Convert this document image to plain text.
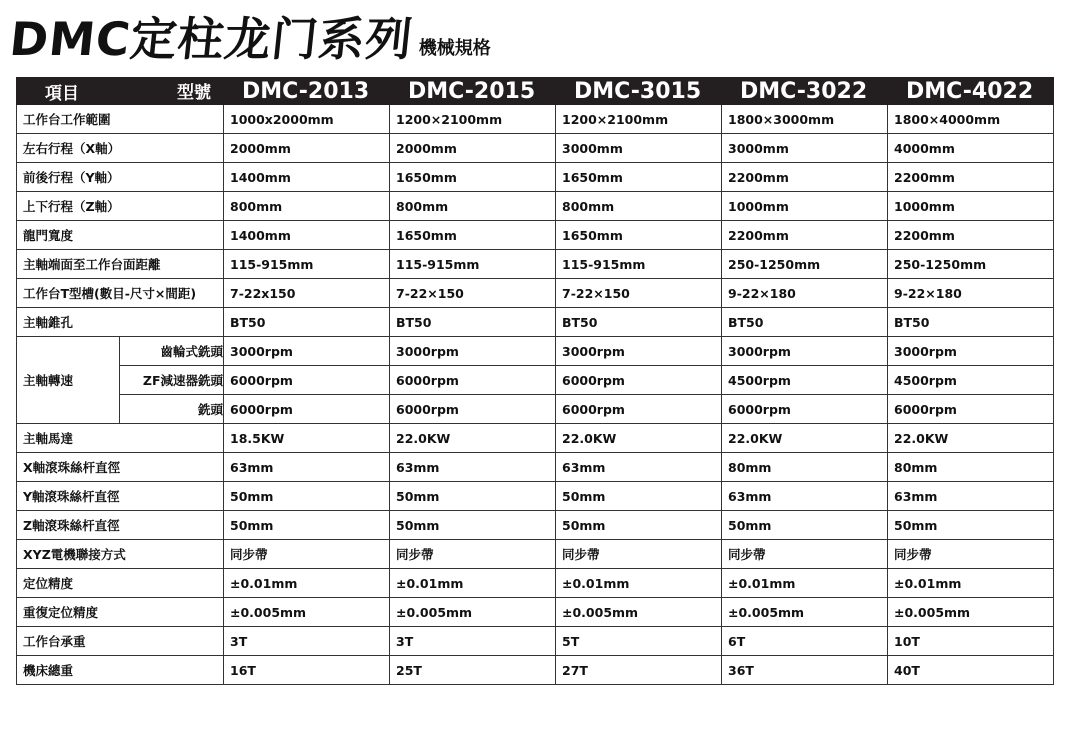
DMC定柱龙门系列 機械規格
項目 型號		DMC-2013	DMC-2015	DMC-3015	DMC-3022	DMC-4022
工作台工作範圍		1000x2000mm	1200×2100mm	1200×2100mm	1800×3000mm	1800×4000mm
左右行程（X軸）		2000mm	2000mm	3000mm	3000mm	4000mm
前後行程（Y軸）		1400mm	1650mm	1650mm	2200mm	2200mm
上下行程（Z軸）		800mm	800mm	800mm	1000mm	1000mm
龍門寬度		1400mm	1650mm	1650mm	2200mm	2200mm
主軸端面至工作台面距離		115-915mm	115-915mm	115-915mm	250-1250mm	250-1250mm
工作台T型槽(數目-尺寸×間距)		7-22x150	7-22×150	7-22×150	9-22×180	9-22×180
主軸錐孔		BT50	BT50	BT50	BT50	BT50
主軸轉速	齒輪式銑頭	3000rpm	3000rpm	3000rpm	3000rpm	3000rpm
	ZF減速器銑頭	6000rpm	6000rpm	6000rpm	4500rpm	4500rpm
	銑頭	6000rpm	6000rpm	6000rpm	6000rpm	6000rpm
主軸馬達		18.5KW	22.0KW	22.0KW	22.0KW	22.0KW
X軸滾珠絲杆直徑		63mm	63mm	63mm	80mm	80mm
Y軸滾珠絲杆直徑		50mm	50mm	50mm	63mm	63mm
Z軸滾珠絲杆直徑		50mm	50mm	50mm	50mm	50mm
XYZ電機聯接方式		同步帶	同步帶	同步帶	同步帶	同步帶
定位精度		±0.01mm	±0.01mm	±0.01mm	±0.01mm	±0.01mm
重復定位精度		±0.005mm	±0.005mm	±0.005mm	±0.005mm	±0.005mm
工作台承重		3T	3T	5T	6T	10T
機床總重		16T	25T	27T	36T	40T
